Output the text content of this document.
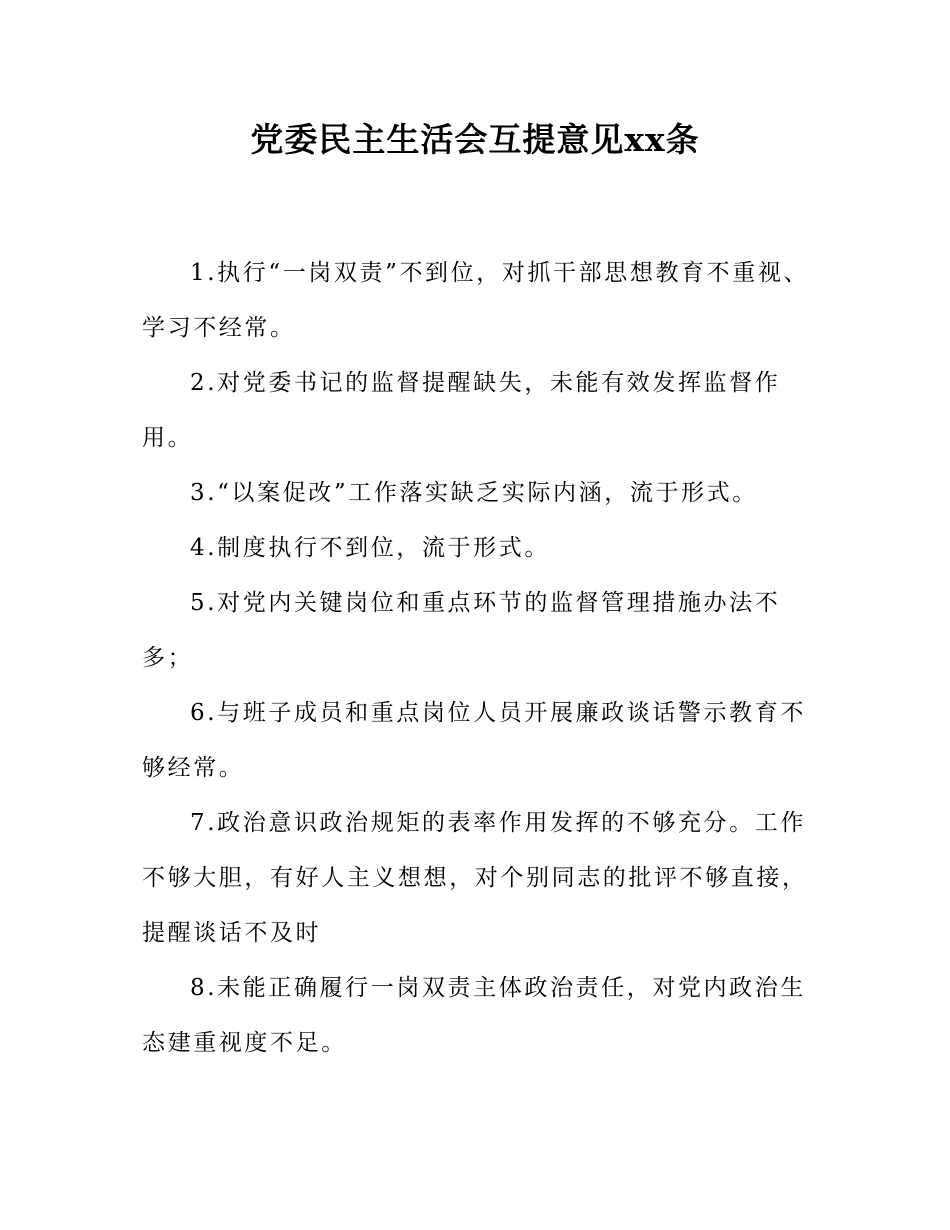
党委民主生活会互提意见xx条

1.执行“一岗双责”不到位，对抓干部思想教育不重视、学习不经常。

2.对党委书记的监督提醒缺失，未能有效发挥监督作用。

3.“以案促改”工作落实缺乏实际内涵，流于形式。

4.制度执行不到位，流于形式。

5.对党内关键岗位和重点环节的监督管理措施办法不多；

6.与班子成员和重点岗位人员开展廉政谈话警示教育不够经常。

7.政治意识政治规矩的表率作用发挥的不够充分。工作不够大胆，有好人主义想想，对个别同志的批评不够直接，提醒谈话不及时

8.未能正确履行一岗双责主体政治责任，对党内政治生态建重视度不足。
